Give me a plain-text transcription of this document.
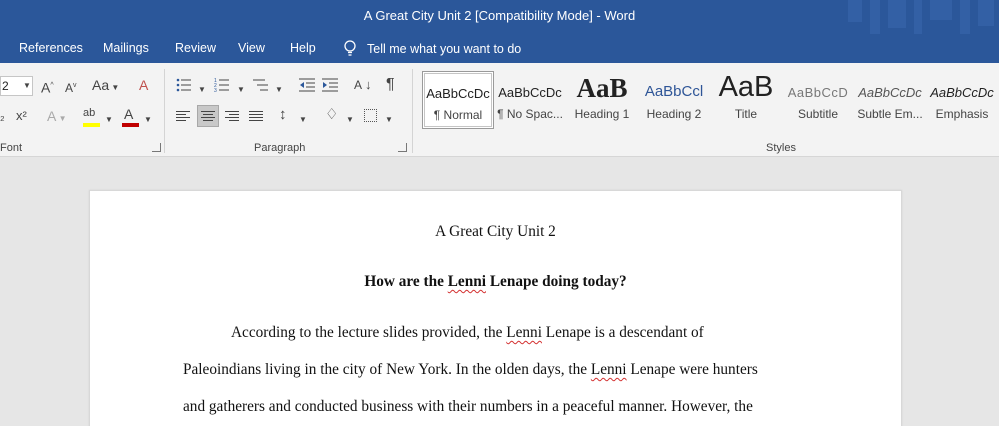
A Great City Unit 2 [Compatibility Mode] - Word
References Mailings Review View Help	Tell me what you want to do
2 ▼ A^ $A^v$ Aa ▼ A
₂ x² A ▼ ab
▼ A ▼
Font
▼
1
2
3	▼	▼	A ↓ ¶
↕ ▼ ♢ ▼	▼
Paragraph
AaBbCcDc
¶ Normal
AaBbCcDc
¶ No Spac...
AaB
Heading 1
AaBbCcl
Heading 2
AaB
Title
AaBbCcD
Subtitle
AaBbCcDc
Subtle Em...
AaBbCcDc
Emphasis
Styles
A Great City Unit 2
How are the Lenni Lenape doing today?
According to the lecture slides provided, the Lenni Lenape is a descendant of
Paleoindians living in the city of New York. In the olden days, the Lenni Lenape were hunters
and gatherers and conducted business with their numbers in a peaceful manner. However, the
